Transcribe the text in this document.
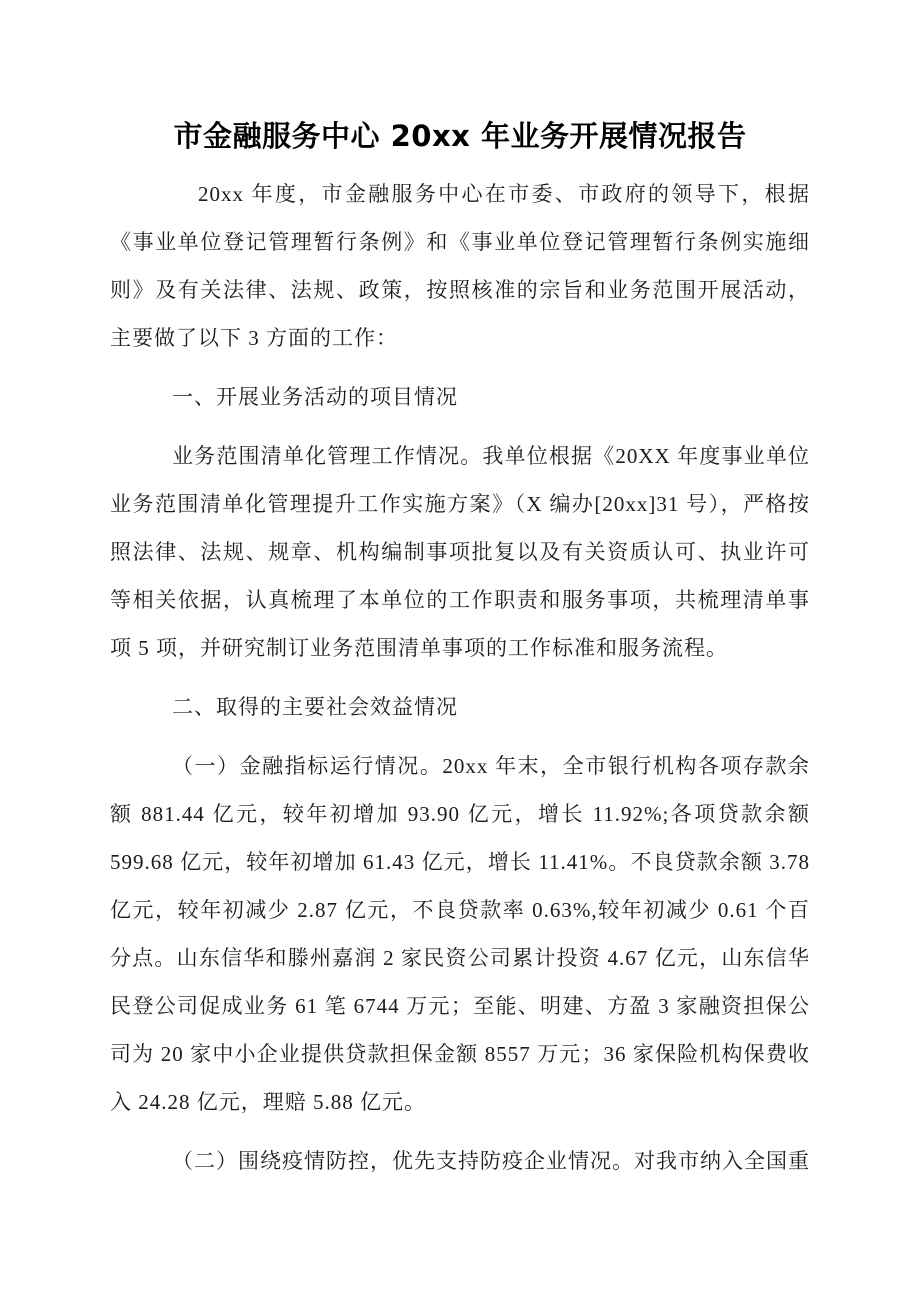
市金融服务中心 20xx 年业务开展情况报告

20xx 年度，市金融服务中心在市委、市政府的领导下，根据《事业单位登记管理暂行条例》和《事业单位登记管理暂行条例实施细则》及有关法律、法规、政策，按照核准的宗旨和业务范围开展活动，主要做了以下 3 方面的工作：

一、开展业务活动的项目情况

业务范围清单化管理工作情况。我单位根据《20XX 年度事业单位业务范围清单化管理提升工作实施方案》（X 编办[20xx]31 号），严格按照法律、法规、规章、机构编制事项批复以及有关资质认可、执业许可等相关依据，认真梳理了本单位的工作职责和服务事项，共梳理清单事项 5 项，并研究制订业务范围清单事项的工作标准和服务流程。

二、取得的主要社会效益情况

（一）金融指标运行情况。20xx 年末，全市银行机构各项存款余额 881.44 亿元，较年初增加 93.90 亿元，增长 11.92%;各项贷款余额 599.68 亿元，较年初增加 61.43 亿元，增长 11.41%。不良贷款余额 3.78 亿元，较年初减少 2.87 亿元，不良贷款率 0.63%,较年初减少 0.61 个百分点。山东信华和滕州嘉润 2 家民资公司累计投资 4.67 亿元，山东信华民登公司促成业务 61 笔 6744 万元；至能、明建、方盈 3 家融资担保公司为 20 家中小企业提供贷款担保金额 8557 万元；36 家保险机构保费收入 24.28 亿元，理赔 5.88 亿元。

（二）围绕疫情防控，优先支持防疫企业情况。对我市纳入全国重
